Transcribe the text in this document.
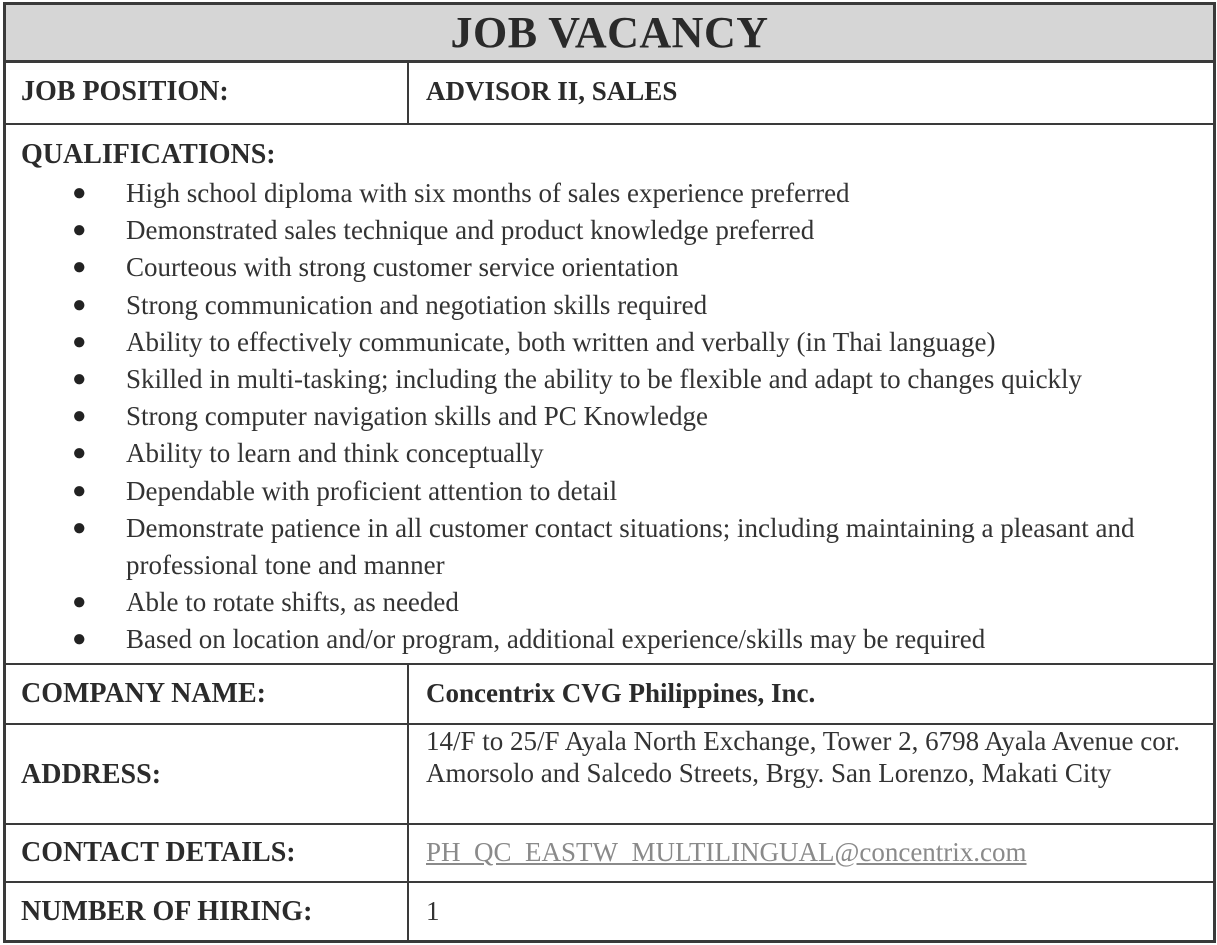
JOB VACANCY
JOB POSITION:	ADVISOR II, SALES
QUALIFICATIONS:
● High school diploma with six months of sales experience preferred
● Demonstrated sales technique and product knowledge preferred
● Courteous with strong customer service orientation
● Strong communication and negotiation skills required
● Ability to effectively communicate, both written and verbally (in Thai language)
● Skilled in multi-tasking; including the ability to be flexible and adapt to changes quickly
● Strong computer navigation skills and PC Knowledge
● Ability to learn and think conceptually
● Dependable with proficient attention to detail
● Demonstrate patience in all customer contact situations; including maintaining a pleasant and professional tone and manner
● Able to rotate shifts, as needed
● Based on location and/or program, additional experience/skills may be required
COMPANY NAME:	Concentrix CVG Philippines, Inc.
ADDRESS:
14/F to 25/F Ayala North Exchange, Tower 2, 6798 Ayala Avenue cor. Amorsolo and Salcedo Streets, Brgy. San Lorenzo, Makati City
CONTACT DETAILS:	PH_QC_EASTW_MULTILINGUAL@concentrix.com
NUMBER OF HIRING:	1
